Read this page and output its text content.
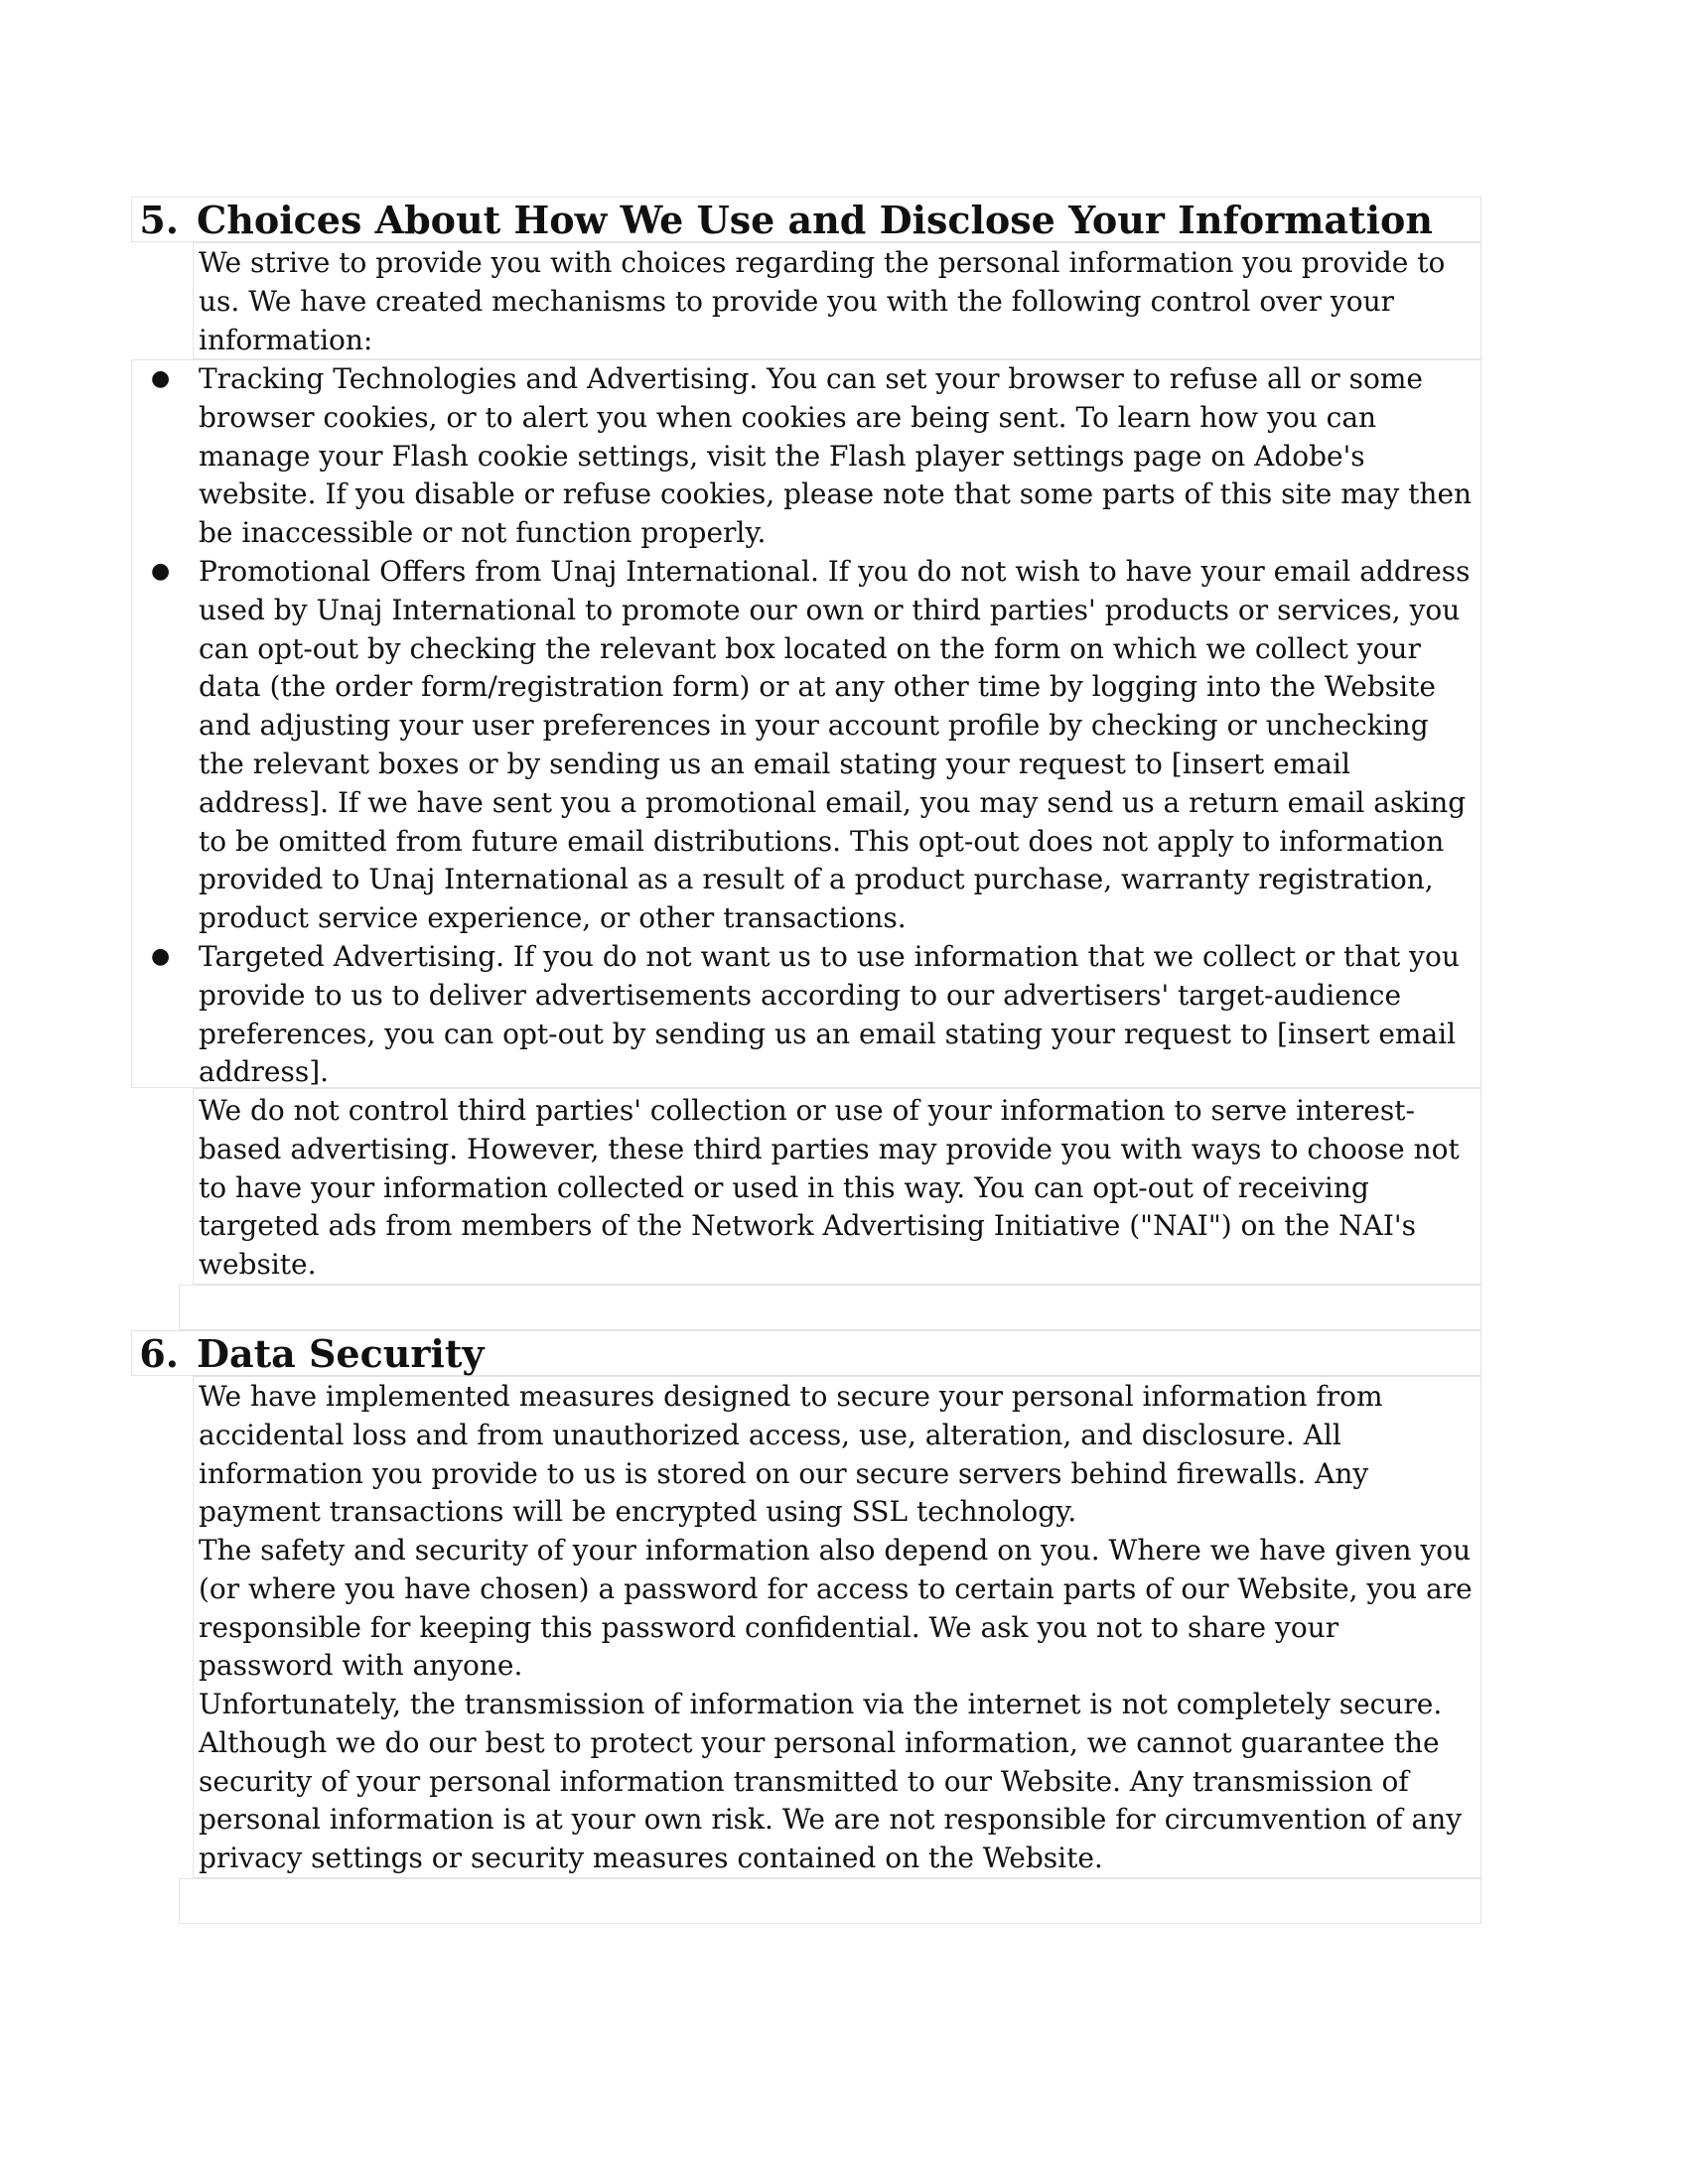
5. Choices About How We Use and Disclose Your Information

We strive to provide you with choices regarding the personal information you provide to us. We have created mechanisms to provide you with the following control over your information:

● Tracking Technologies and Advertising. You can set your browser to refuse all or some browser cookies, or to alert you when cookies are being sent. To learn how you can manage your Flash cookie settings, visit the Flash player settings page on Adobe's website. If you disable or refuse cookies, please note that some parts of this site may then be inaccessible or not function properly.

● Promotional Offers from Unaj International. If you do not wish to have your email address used by Unaj International to promote our own or third parties' products or services, you can opt-out by checking the relevant box located on the form on which we collect your data (the order form/registration form) or at any other time by logging into the Website and adjusting your user preferences in your account profile by checking or unchecking the relevant boxes or by sending us an email stating your request to [insert email address]. If we have sent you a promotional email, you may send us a return email asking to be omitted from future email distributions. This opt-out does not apply to information provided to Unaj International as a result of a product purchase, warranty registration, product service experience, or other transactions.

● Targeted Advertising. If you do not want us to use information that we collect or that you provide to us to deliver advertisements according to our advertisers' target-audience preferences, you can opt-out by sending us an email stating your request to [insert email address].

We do not control third parties' collection or use of your information to serve interest-based advertising. However, these third parties may provide you with ways to choose not to have your information collected or used in this way. You can opt-out of receiving targeted ads from members of the Network Advertising Initiative ("NAI") on the NAI's website.

6. Data Security

We have implemented measures designed to secure your personal information from accidental loss and from unauthorized access, use, alteration, and disclosure. All information you provide to us is stored on our secure servers behind firewalls. Any payment transactions will be encrypted using SSL technology.

The safety and security of your information also depend on you. Where we have given you (or where you have chosen) a password for access to certain parts of our Website, you are responsible for keeping this password confidential. We ask you not to share your password with anyone.

Unfortunately, the transmission of information via the internet is not completely secure. Although we do our best to protect your personal information, we cannot guarantee the security of your personal information transmitted to our Website. Any transmission of personal information is at your own risk. We are not responsible for circumvention of any privacy settings or security measures contained on the Website.
